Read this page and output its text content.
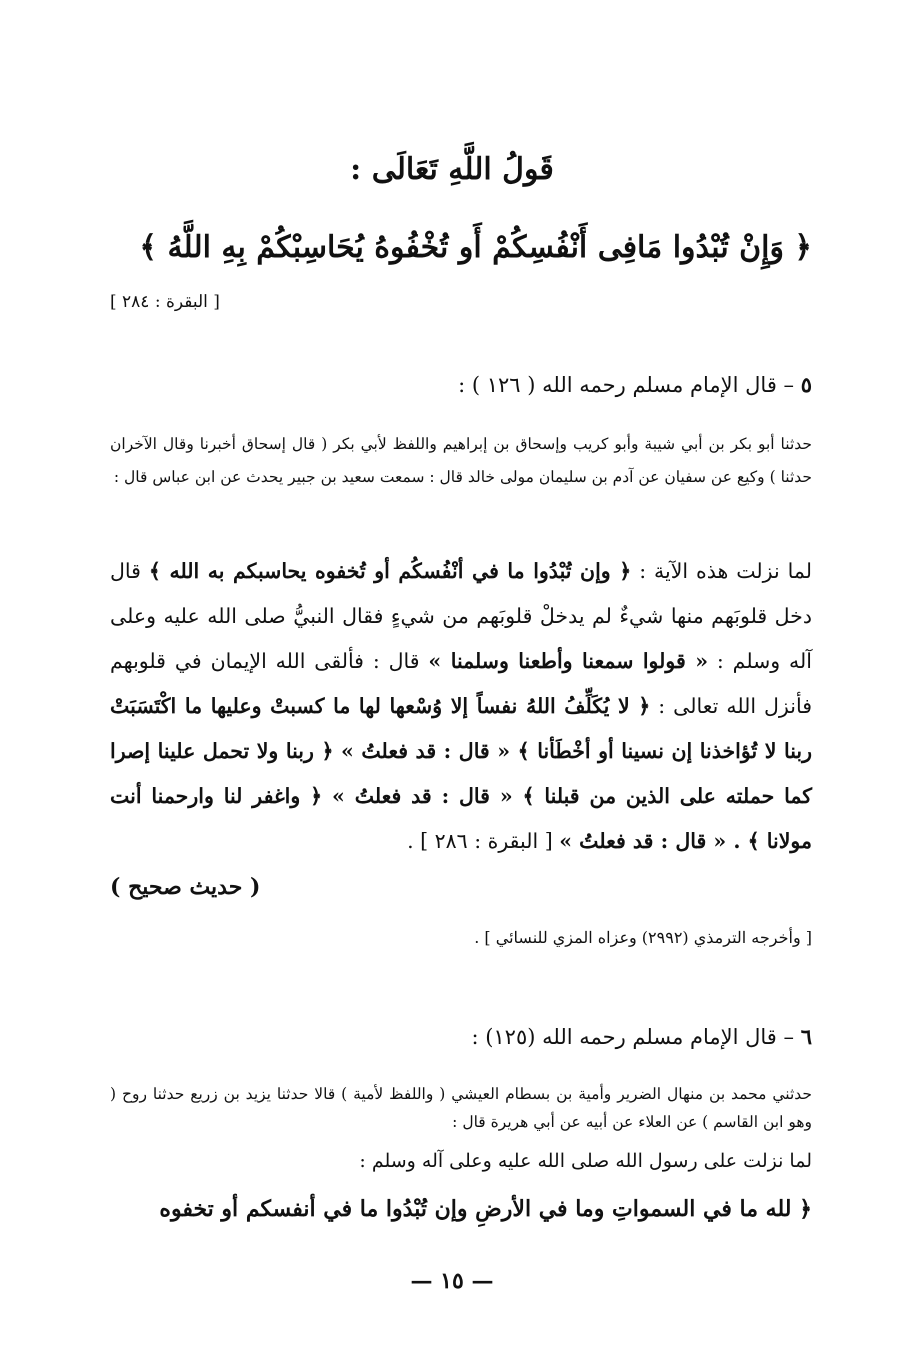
قَولُ اللَّهِ تَعَالَى :
﴿ وَإِنْ تُبْدُوا مَافِى أَنْفُسِكُمْ أَو تُخْفُوهُ يُحَاسِبْكُمْ بِهِ اللَّهُ ﴾
[ البقرة : ٢٨٤ ]
٥ – قال الإمام مسلم رحمه الله ( ١٢٦ ) :
حدثنا أبو بكر بن أبي شيبة وأبو كريب وإسحاق بن إبراهيم واللفظ لأبي بكر ( قال إسحاق أخبرنا وقال الآخران حدثنا ) وكيع عن سفيان عن آدم بن سليمان مولى خالد قال : سمعت سعيد بن جبير يحدث عن ابن عباس قال :
لما نزلت هذه الآية : ﴿ وإن تُبْدُوا ما في أنْفُسكُم أو تُخفوه يحاسبكم به الله ﴾ قال دخل قلوبَهم منها شيءٌ لم يدخلْ قلوبَهم من شيءٍ فقال النبيُّ صلى الله عليه وعلى آله وسلم : « قولوا سمعنا وأطعنا وسلمنا » قال : فألقى الله الإيمان في قلوبهم فأنزل الله تعالى : ﴿ لا يُكَلِّفُ اللهُ نفساً إلا وُسْعها لها ما كسبتْ وعليها ما اكْتَسَبَتْ ربنا لا تُؤاخذنا إن نسينا أو أخْطَأنا ﴾ « قال : قد فعلتُ » ﴿ ربنا ولا تحمل علينا إصرا كما حملته على الذين من قبلنا ﴾ « قال : قد فعلتُ » ﴿ واغفر لنا وارحمنا أنت مولانا ﴾ . « قال : قد فعلتُ » [ البقرة : ٢٨٦ ] .
( حديث صحيح )
[ وأخرجه الترمذي (٢٩٩٢) وعزاه المزي للنسائي ] .
٦ – قال الإمام مسلم رحمه الله (١٢٥) :
حدثني محمد بن منهال الضرير وأمية بن بسطام العيشي ( واللفظ لأمية ) قالا حدثنا يزيد بن زريع حدثنا روح ( وهو ابن القاسم ) عن العلاء عن أبيه عن أبي هريرة قال :
لما نزلت على رسول الله صلى الله عليه وعلى آله وسلم :
﴿ لله ما في السمواتِ وما في الأرضِ وإن تُبْدُوا ما في أنفسكم أو تخفوه
— ١٥ —
